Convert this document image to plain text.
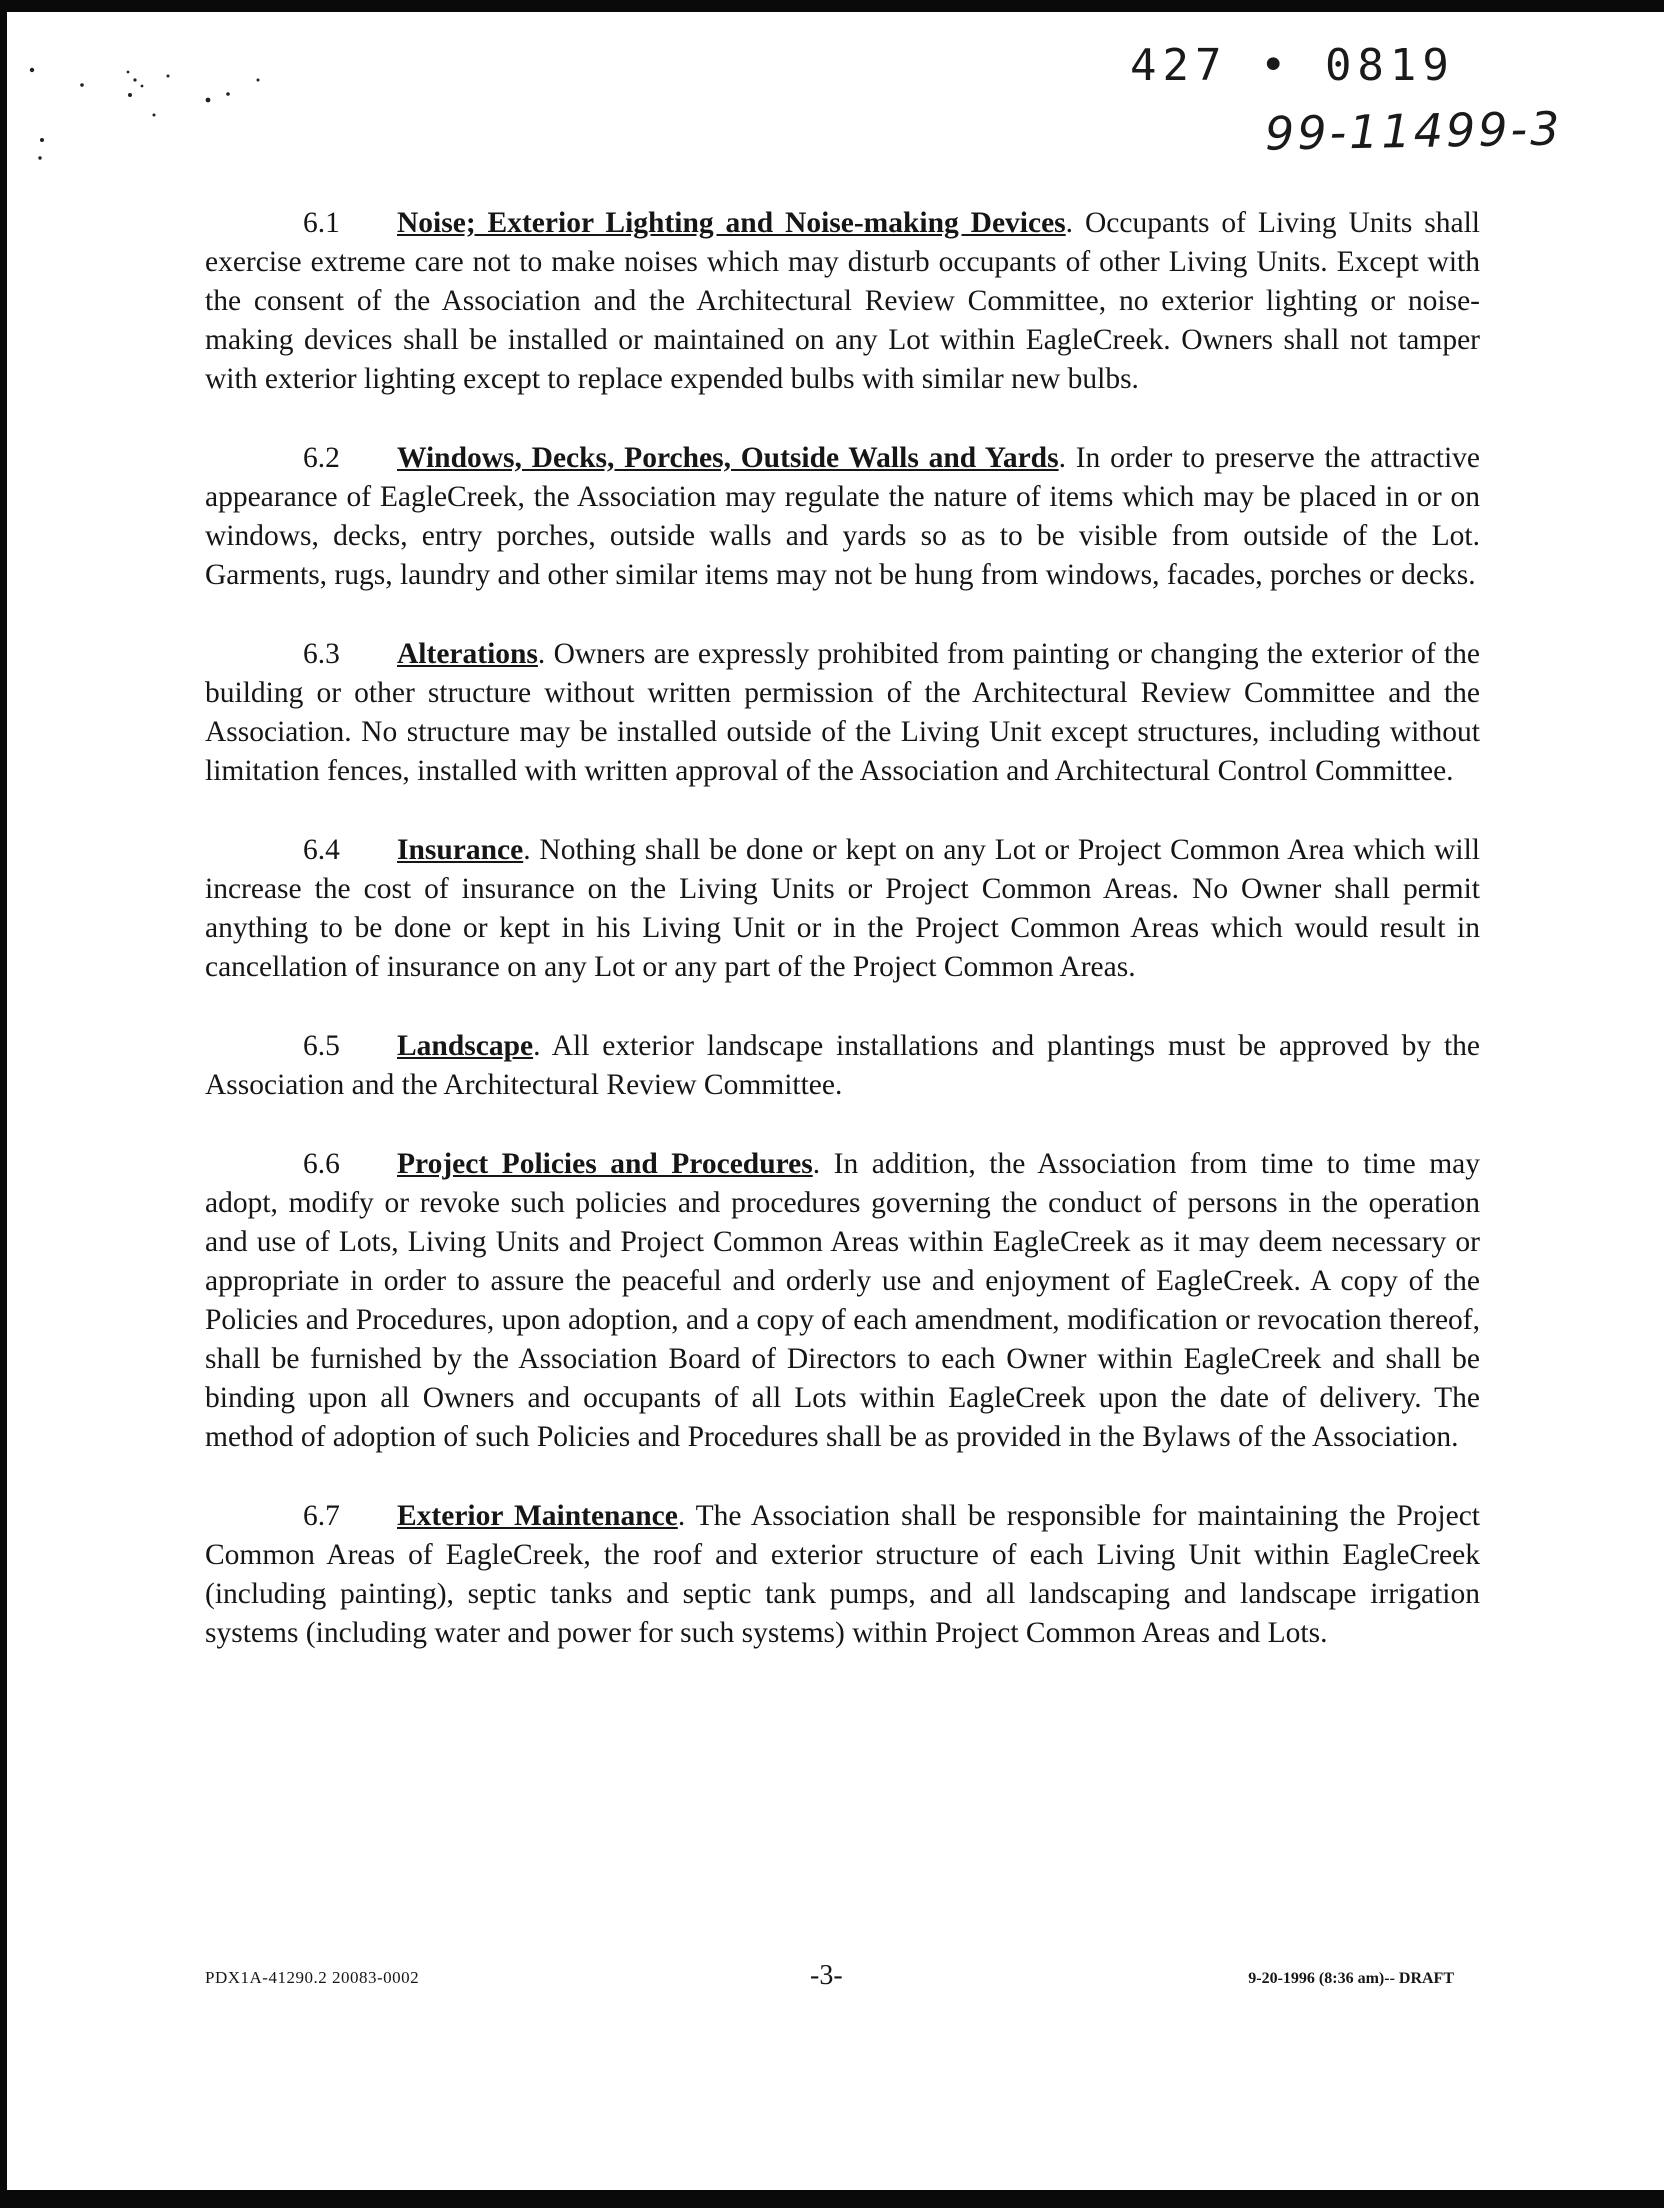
427 • 0819
99-11499-3

6.1 Noise; Exterior Lighting and Noise-making Devices. Occupants of Living Units shall exercise extreme care not to make noises which may disturb occupants of other Living Units. Except with the consent of the Association and the Architectural Review Committee, no exterior lighting or noise-making devices shall be installed or maintained on any Lot within EagleCreek. Owners shall not tamper with exterior lighting except to replace expended bulbs with similar new bulbs.

6.2 Windows, Decks, Porches, Outside Walls and Yards. In order to preserve the attractive appearance of EagleCreek, the Association may regulate the nature of items which may be placed in or on windows, decks, entry porches, outside walls and yards so as to be visible from outside of the Lot. Garments, rugs, laundry and other similar items may not be hung from windows, facades, porches or decks.

6.3 Alterations. Owners are expressly prohibited from painting or changing the exterior of the building or other structure without written permission of the Architectural Review Committee and the Association. No structure may be installed outside of the Living Unit except structures, including without limitation fences, installed with written approval of the Association and Architectural Control Committee.

6.4 Insurance. Nothing shall be done or kept on any Lot or Project Common Area which will increase the cost of insurance on the Living Units or Project Common Areas. No Owner shall permit anything to be done or kept in his Living Unit or in the Project Common Areas which would result in cancellation of insurance on any Lot or any part of the Project Common Areas.

6.5 Landscape. All exterior landscape installations and plantings must be approved by the Association and the Architectural Review Committee.

6.6 Project Policies and Procedures. In addition, the Association from time to time may adopt, modify or revoke such policies and procedures governing the conduct of persons in the operation and use of Lots, Living Units and Project Common Areas within EagleCreek as it may deem necessary or appropriate in order to assure the peaceful and orderly use and enjoyment of EagleCreek. A copy of the Policies and Procedures, upon adoption, and a copy of each amendment, modification or revocation thereof, shall be furnished by the Association Board of Directors to each Owner within EagleCreek and shall be binding upon all Owners and occupants of all Lots within EagleCreek upon the date of delivery. The method of adoption of such Policies and Procedures shall be as provided in the Bylaws of the Association.

6.7 Exterior Maintenance. The Association shall be responsible for maintaining the Project Common Areas of EagleCreek, the roof and exterior structure of each Living Unit within EagleCreek (including painting), septic tanks and septic tank pumps, and all landscaping and landscape irrigation systems (including water and power for such systems) within Project Common Areas and Lots.

PDX1A-41290.2 20083-0002	-3-	9-20-1996 (8:36 am)-- DRAFT
